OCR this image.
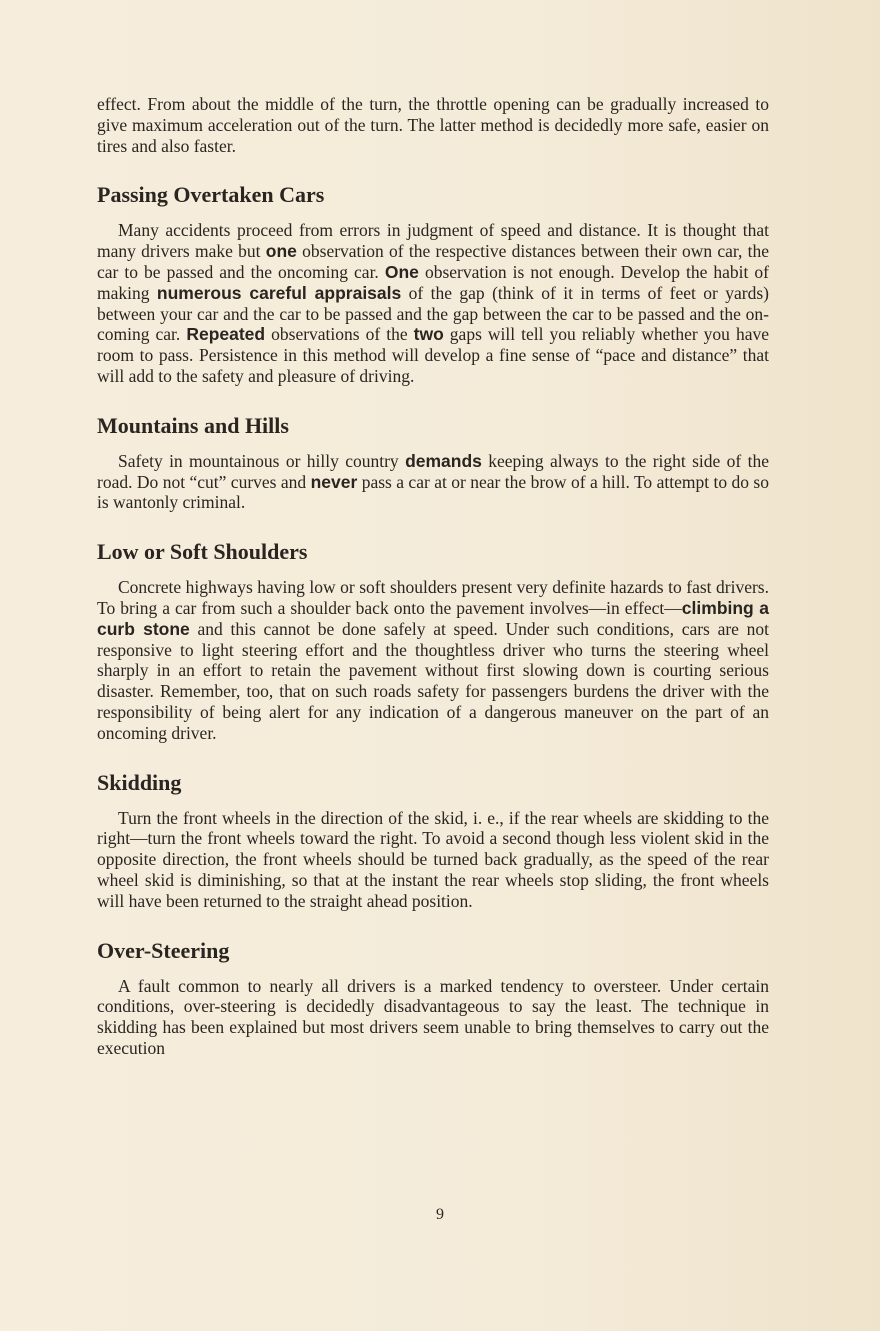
effect. From about the middle of the turn, the throttle opening can be gradually increased to give maximum acceleration out of the turn. The latter method is decidedly more safe, easier on tires and also faster.

Passing Overtaken Cars

Many accidents proceed from errors in judgment of speed and distance. It is thought that many drivers make but one observation of the respective distances between their own car, the car to be passed and the oncoming car. One observation is not enough. Develop the habit of making numerous careful appraisals of the gap (think of it in terms of feet or yards) between your car and the car to be passed and the gap between the car to be passed and the on-coming car. Repeated observations of the two gaps will tell you reliably whether you have room to pass. Persistence in this method will develop a fine sense of “pace and distance” that will add to the safety and pleasure of driving.

Mountains and Hills

Safety in mountainous or hilly country demands keeping always to the right side of the road. Do not “cut” curves and never pass a car at or near the brow of a hill. To attempt to do so is wantonly criminal.

Low or Soft Shoulders

Concrete highways having low or soft shoulders present very definite hazards to fast drivers. To bring a car from such a shoulder back onto the pavement involves—in effect—climbing a curb stone and this cannot be done safely at speed. Under such conditions, cars are not responsive to light steering effort and the thoughtless driver who turns the steering wheel sharply in an effort to retain the pavement without first slowing down is courting serious disaster. Remember, too, that on such roads safety for passengers burdens the driver with the responsibility of being alert for any indication of a dangerous maneuver on the part of an oncoming driver.

Skidding

Turn the front wheels in the direction of the skid, i. e., if the rear wheels are skidding to the right—turn the front wheels toward the right. To avoid a second though less violent skid in the opposite direction, the front wheels should be turned back gradually, as the speed of the rear wheel skid is diminishing, so that at the instant the rear wheels stop sliding, the front wheels will have been returned to the straight ahead position.

Over-Steering

A fault common to nearly all drivers is a marked tendency to oversteer. Under certain conditions, over-steering is decidedly disadvantageous to say the least. The technique in skidding has been explained but most drivers seem unable to bring themselves to carry out the execution

9
